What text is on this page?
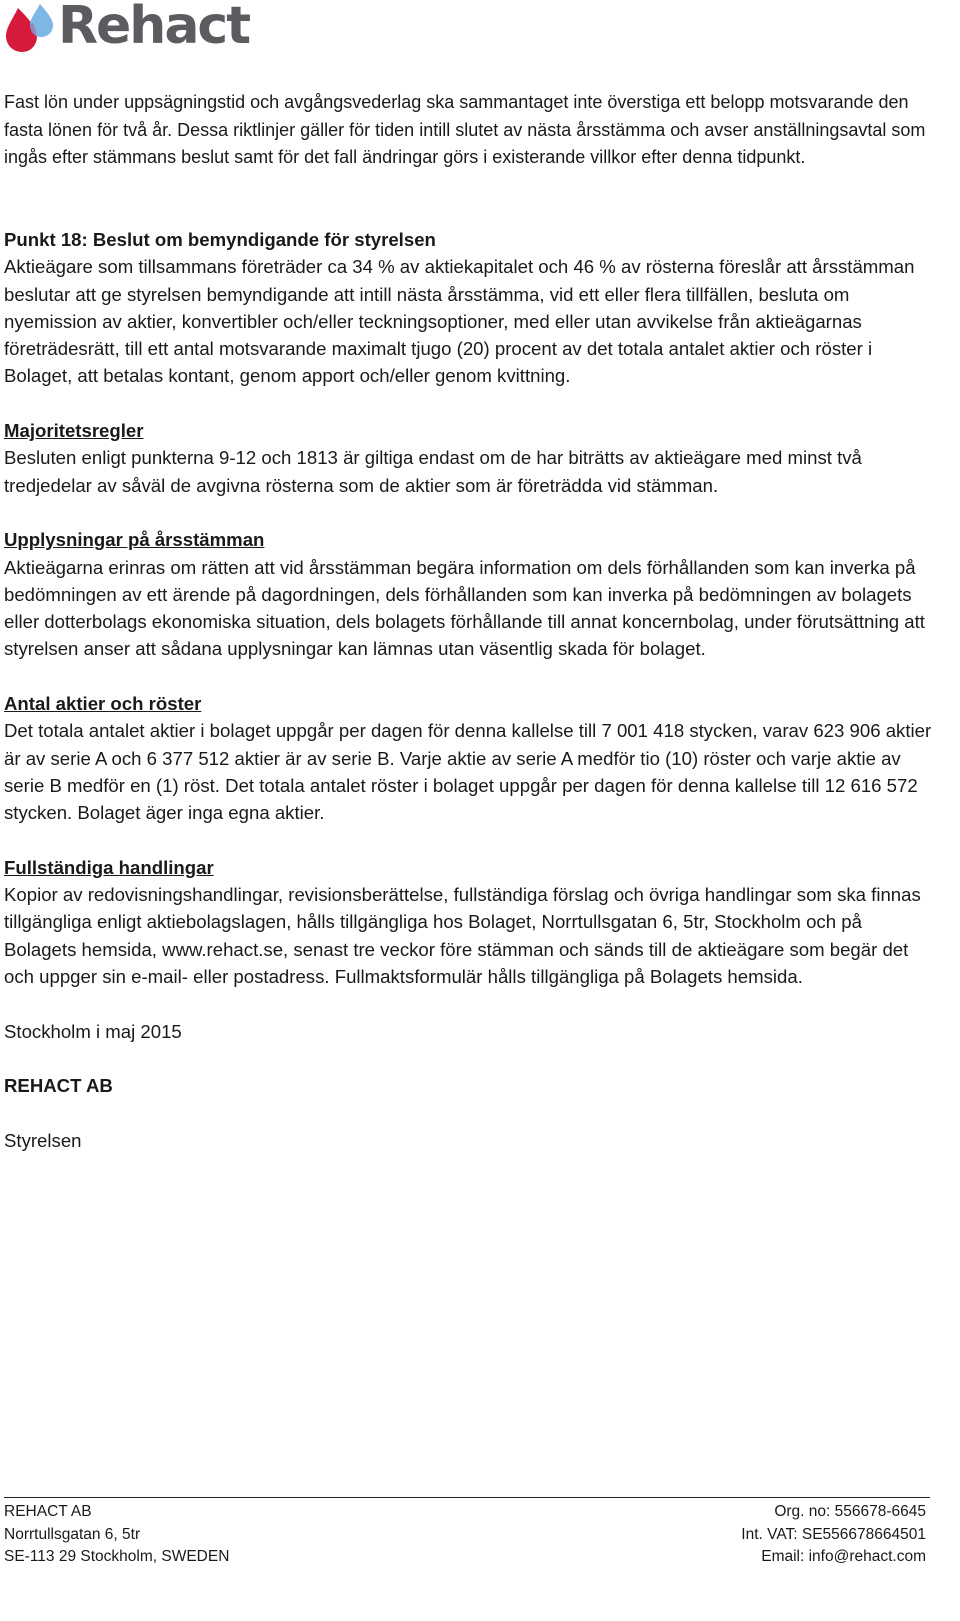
Rehact

Fast lön under uppsägningstid och avgångsvederlag ska sammantaget inte överstiga ett belopp motsvarande den fasta lönen för två år. Dessa riktlinjer gäller för tiden intill slutet av nästa årsstämma och avser anställningsavtal som ingås efter stämmans beslut samt för det fall ändringar görs i existerande villkor efter denna tidpunkt.

Punkt 18: Beslut om bemyndigande för styrelsen
Aktieägare som tillsammans företräder ca 34 % av aktiekapitalet och 46 % av rösterna föreslår att årsstämman beslutar att ge styrelsen bemyndigande att intill nästa årsstämma, vid ett eller flera tillfällen, besluta om nyemission av aktier, konvertibler och/eller teckningsoptioner, med eller utan avvikelse från aktieägarnas företrädesrätt, till ett antal motsvarande maximalt tjugo (20) procent av det totala antalet aktier och röster i Bolaget, att betalas kontant, genom apport och/eller genom kvittning.

Majoritetsregler
Besluten enligt punkterna 9-12 och 1813 är giltiga endast om de har biträtts av aktieägare med minst två tredjedelar av såväl de avgivna rösterna som de aktier som är företrädda vid stämman.

Upplysningar på årsstämman
Aktieägarna erinras om rätten att vid årsstämman begära information om dels förhållanden som kan inverka på bedömningen av ett ärende på dagordningen, dels förhållanden som kan inverka på bedömningen av bolagets eller dotterbolags ekonomiska situation, dels bolagets förhållande till annat koncernbolag, under förutsättning att styrelsen anser att sådana upplysningar kan lämnas utan väsentlig skada för bolaget.

Antal aktier och röster
Det totala antalet aktier i bolaget uppgår per dagen för denna kallelse till 7 001 418 stycken, varav 623 906 aktier är av serie A och 6 377 512 aktier är av serie B. Varje aktie av serie A medför tio (10) röster och varje aktie av serie B medför en (1) röst. Det totala antalet röster i bolaget uppgår per dagen för denna kallelse till 12 616 572 stycken. Bolaget äger inga egna aktier.

Fullständiga handlingar
Kopior av redovisningshandlingar, revisionsberättelse, fullständiga förslag och övriga handlingar som ska finnas tillgängliga enligt aktiebolagslagen, hålls tillgängliga hos Bolaget, Norrtullsgatan 6, 5tr, Stockholm och på Bolagets hemsida, www.rehact.se, senast tre veckor före stämman och sänds till de aktieägare som begär det och uppger sin e-mail- eller postadress. Fullmaktsformulär hålls tillgängliga på Bolagets hemsida.

Stockholm i maj 2015

REHACT AB

Styrelsen

REHACT AB
Norrtullsgatan 6, 5tr
SE-113 29 Stockholm, SWEDEN
Org. no: 556678-6645
Int. VAT: SE556678664501
Email: info@rehact.com
